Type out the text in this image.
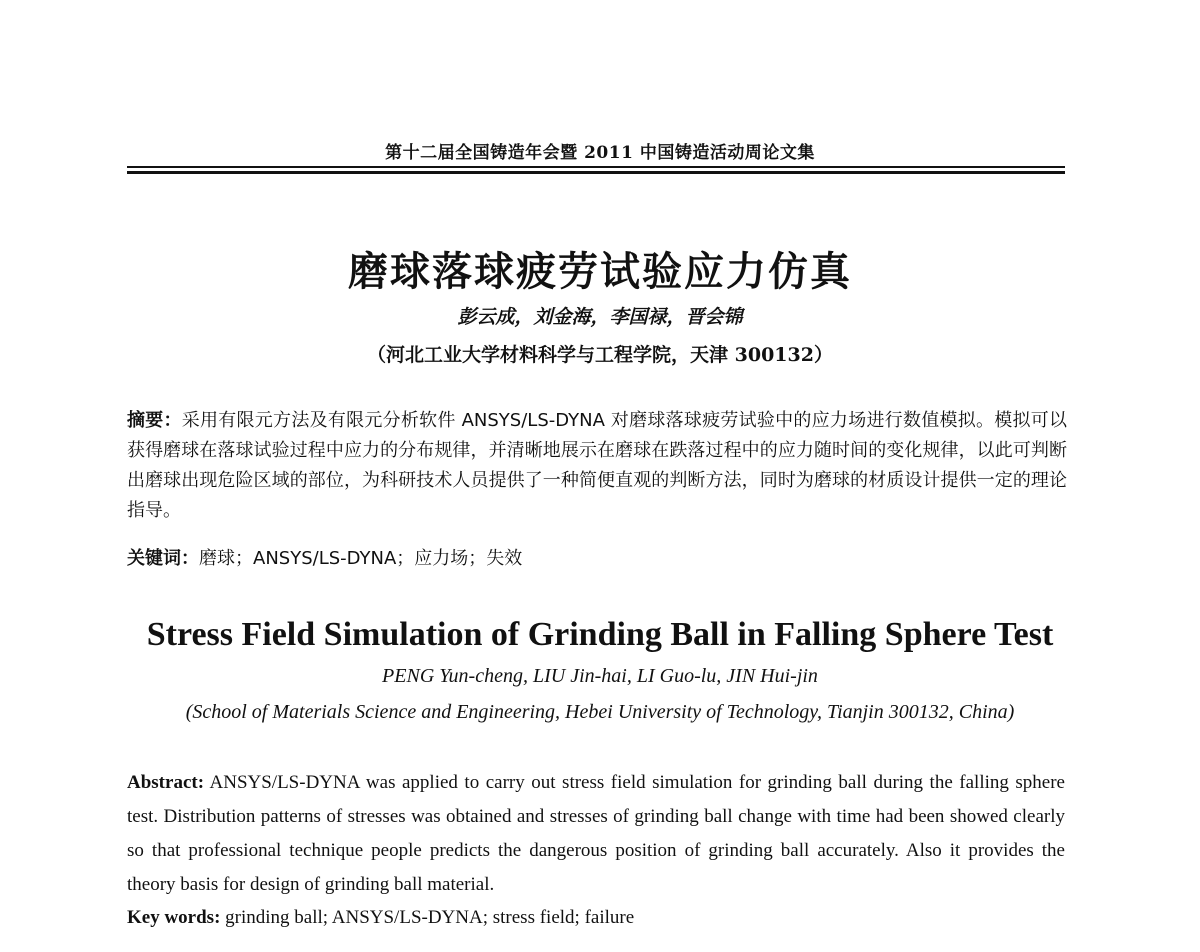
第十二届全国铸造年会暨 2011 中国铸造活动周论文集
磨球落球疲劳试验应力仿真
彭云成，刘金海，李国禄，晋会锦
（河北工业大学材料科学与工程学院，天津 300132）

摘要：采用有限元方法及有限元分析软件 ANSYS/LS-DYNA 对磨球落球疲劳试验中的应力场进行数值模拟。模拟可以获得磨球在落球试验过程中应力的分布规律，并清晰地展示在磨球在跌落过程中的应力随时间的变化规律，以此可判断出磨球出现危险区域的部位，为科研技术人员提供了一种简便直观的判断方法，同时为磨球的材质设计提供一定的理论指导。

关键词：磨球；ANSYS/LS-DYNA；应力场；失效

Stress Field Simulation of Grinding Ball in Falling Sphere Test
PENG Yun-cheng, LIU Jin-hai, LI Guo-lu, JIN Hui-jin
(School of Materials Science and Engineering, Hebei University of Technology, Tianjin 300132, China)

Abstract: ANSYS/LS-DYNA was applied to carry out stress field simulation for grinding ball during the falling sphere test. Distribution patterns of stresses was obtained and stresses of grinding ball change with time had been showed clearly so that professional technique people predicts the dangerous position of grinding ball accurately. Also it provides the theory basis for design of grinding ball material.

Key words: grinding ball; ANSYS/LS-DYNA; stress field; failure
